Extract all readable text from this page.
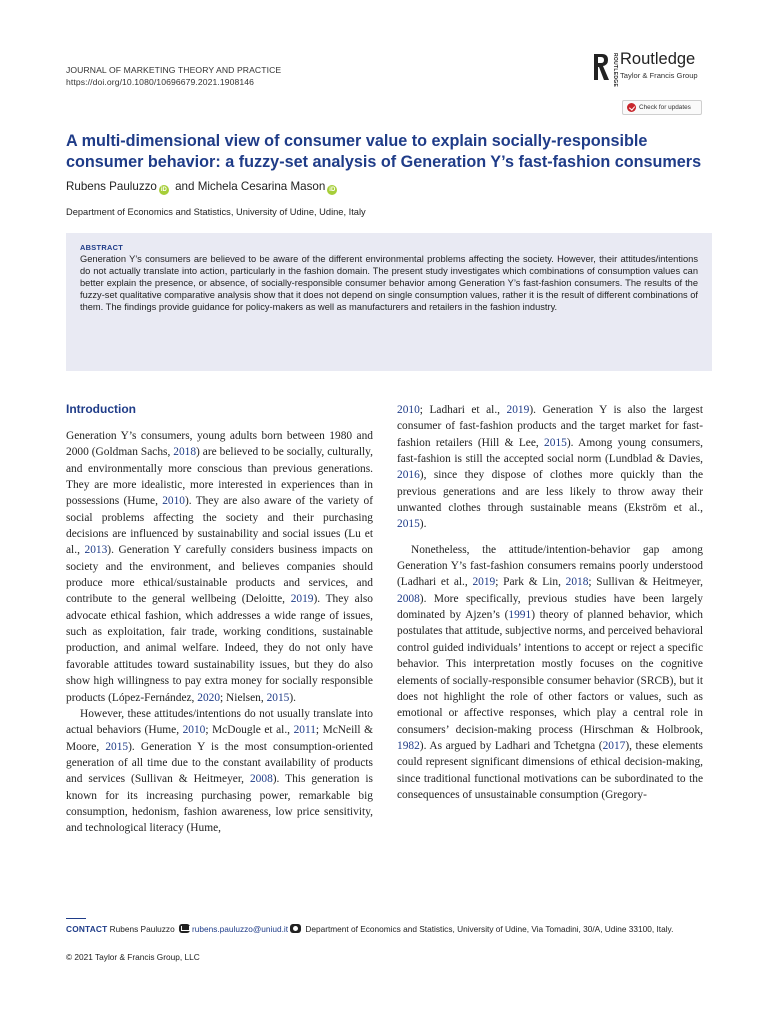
JOURNAL OF MARKETING THEORY AND PRACTICE
https://doi.org/10.1080/10696679.2021.1908146	ROUTLEDGE Routledge
Taylor & Francis Group
Check for updates
A multi-dimensional view of consumer value to explain socially-responsible consumer behavior: a fuzzy-set analysis of Generation Y’s fast-fashion consumers
Rubens Pauluzzo iD and Michela Cesarina Mason iD
Department of Economics and Statistics, University of Udine, Udine, Italy
ABSTRACT
Generation Y’s consumers are believed to be aware of the different environmental problems affecting the society. However, their attitudes/intentions do not actually translate into action, particularly in the fashion domain. The present study investigates which combinations of consumption values can better explain the presence, or absence, of socially-responsible consumer behavior among Generation Y’s fast-fashion consumers. The results of the fuzzy-set qualitative comparative analysis show that it does not depend on single consumption values, rather it is the result of different combinations of them. The findings provide guidance for policy-makers as well as manufacturers and retailers in the fashion industry.
Introduction

Generation Y’s consumers, young adults born between 1980 and 2000 (Goldman Sachs, 2018) are believed to be socially, culturally, and environmentally more conscious than previous generations. They are more idealistic, more interested in experiences than in possessions (Hume, 2010). They are also aware of the variety of social problems affecting the society and their purchasing decisions are influenced by sustainability and social issues (Lu et al., 2013). Generation Y carefully considers business impacts on society and the environment, and believes companies should produce more ethical/sustainable products and services, and contribute to the general wellbeing (Deloitte, 2019). They also advocate ethical fashion, which addresses a wide range of issues, such as exploitation, fair trade, working conditions, sustainable production, and animal welfare. Indeed, they do not only have favorable attitudes toward sustainability issues, but they do also show high willingness to pay extra money for socially responsible products (López-Fernández, 2020; Nielsen, 2015).

However, these attitudes/intentions do not usually translate into actual behaviors (Hume, 2010; McDougle et al., 2011; McNeill & Moore, 2015). Generation Y is the most consumption-oriented generation of all time due to the constant availability of products and services (Sullivan & Heitmeyer, 2008). This generation is known for its increasing purchasing power, remarkable big consumption, hedonism, fashion awareness, low price sensitivity, and technological literacy (Hume,

2010; Ladhari et al., 2019). Generation Y is also the largest consumer of fast-fashion products and the target market for fast-fashion retailers (Hill & Lee, 2015). Among young consumers, fast-fashion is still the accepted social norm (Lundblad & Davies, 2016), since they dispose of clothes more quickly than the previous generations and are less likely to throw away their unwanted clothes through sustainable means (Ekström et al., 2015).

Nonetheless, the attitude/intention-behavior gap among Generation Y’s fast-fashion consumers remains poorly understood (Ladhari et al., 2019; Park & Lin, 2018; Sullivan & Heitmeyer, 2008). More specifically, previous studies have been largely dominated by Ajzen’s (1991) theory of planned behavior, which postulates that attitude, subjective norms, and perceived behavioral control guided individuals’ intentions to accept or reject a specific behavior. This interpretation mostly focuses on the cognitive elements of socially-responsible consumer behavior (SRCB), but it does not highlight the role of other factors or values, such as emotional or affective responses, which play a central role in consumers’ decision-making process (Hirschman & Holbrook, 1982). As argued by Ladhari and Tchetgna (2017), these elements could represent significant dimensions of ethical decision-making, since traditional functional motivations can be subordinated to the consequences of unsustainable consumption (Gregory-

CONTACT Rubens Pauluzzo rubens.pauluzzo@uniud.it Department of Economics and Statistics, University of Udine, Via Tomadini, 30/A, Udine 33100, Italy.
© 2021 Taylor & Francis Group, LLC
